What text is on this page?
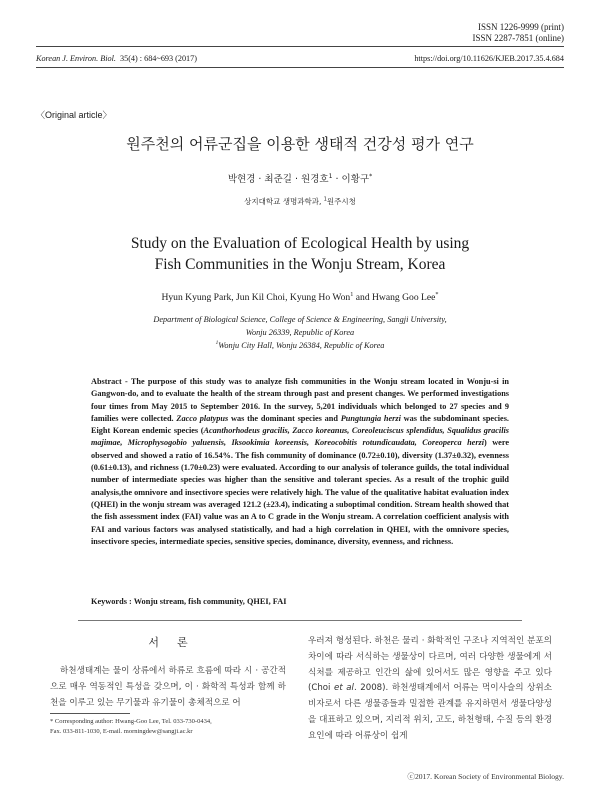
ISSN 1226-9999 (print)
ISSN 2287-7851 (online)
Korean J. Environ. Biol. 35(4) : 684~693 (2017)	https://doi.org/10.11626/KJEB.2017.35.4.684
〈Original article〉
원주천의 어류군집을 이용한 생태적 건강성 평가 연구
박현경 · 최준길 · 원경호$^1$ · 이황구*
상지대학교 생명과학과, $^1$원주시청
Study on the Evaluation of Ecological Health by using
Fish Communities in the Wonju Stream, Korea
Hyun Kyung Park, Jun Kil Choi, Kyung Ho Won$^1$ and Hwang Goo Lee*
Department of Biological Science, College of Science & Engineering, Sangji University,
Wonju 26339, Republic of Korea
$^1$Wonju City Hall, Wonju 26384, Republic of Korea
Abstract - The purpose of this study was to analyze fish communities in the Wonju stream located in Wonju-si in Gangwon-do, and to evaluate the health of the stream through past and present changes. We performed investigations four times from May 2015 to September 2016. In the survey, 5,201 individuals which belonged to 27 species and 9 families were collected. Zacco platypus was the dominant species and Pungtungia herzi was the subdominant species. Eight Korean endemic species (Acanthorhodeus gracilis, Zacco koreanus, Coreoleuciscus splendidus, Squalidus gracilis majimae, Microphysogobio yaluensis, Iksookimia koreensis, Koreocobitis rotundicaudata, Coreoperca herzi) were observed and showed a ratio of 16.54%. The fish community of dominance (0.72±0.10), diversity (1.37±0.32), evenness (0.61±0.13), and richness (1.70±0.23) were evaluated. According to our analysis of tolerance guilds, the total individual number of intermediate species was higher than the sensitive and tolerant species. As a result of the trophic guild analysis,the omnivore and insectivore species were relatively high. The value of the qualitative habitat evaluation index (QHEI) in the wonju stream was averaged 121.2 (±23.4), indicating a suboptimal condition. Stream health showed that the fish assessment index (FAI) value was an A to C grade in the Wonju stream. A correlation coefficient analysis with FAI and various factors was analysed statistically, and had a high correlation in QHEI, with the omnivore species, insectivore species, intermediate species, sensitive species, dominance, diversity, evenness, and richness.
Keywords : Wonju stream, fish community, QHEI, FAI
서론

하천생태계는 물이 상류에서 하류로 흐름에 따라 시 · 공간적으로 매우 역동적인 특성을 갖으며, 이 · 화학적 특성과 함께 하천을 이루고 있는 무기물과 유기물이 총체적으로 어

우러져 형성된다. 하천은 물리 · 화학적인 구조나 지역적인 분포의 차이에 따라 서식하는 생물상이 다르며, 여러 다양한 생물에게 서식처를 제공하고 인간의 삶에 있어서도 많은 영향을 주고 있다 (Choi et al. 2008). 하천생태계에서 어류는 먹이사슬의 상위소비자로서 다른 생물종들과 밀접한 관계를 유지하면서 생물다양성을 대표하고 있으며, 지리적 위치, 고도, 하천형태, 수질 등의 환경요인에 따라 어류상이 쉽게

* Corresponding author: Hwang-Goo Lee, Tel. 033-730-0434,
Fax. 033-811-1030, E-mail. morningdew@sangji.ac.kr
ⓒ2017. Korean Society of Environmental Biology.
